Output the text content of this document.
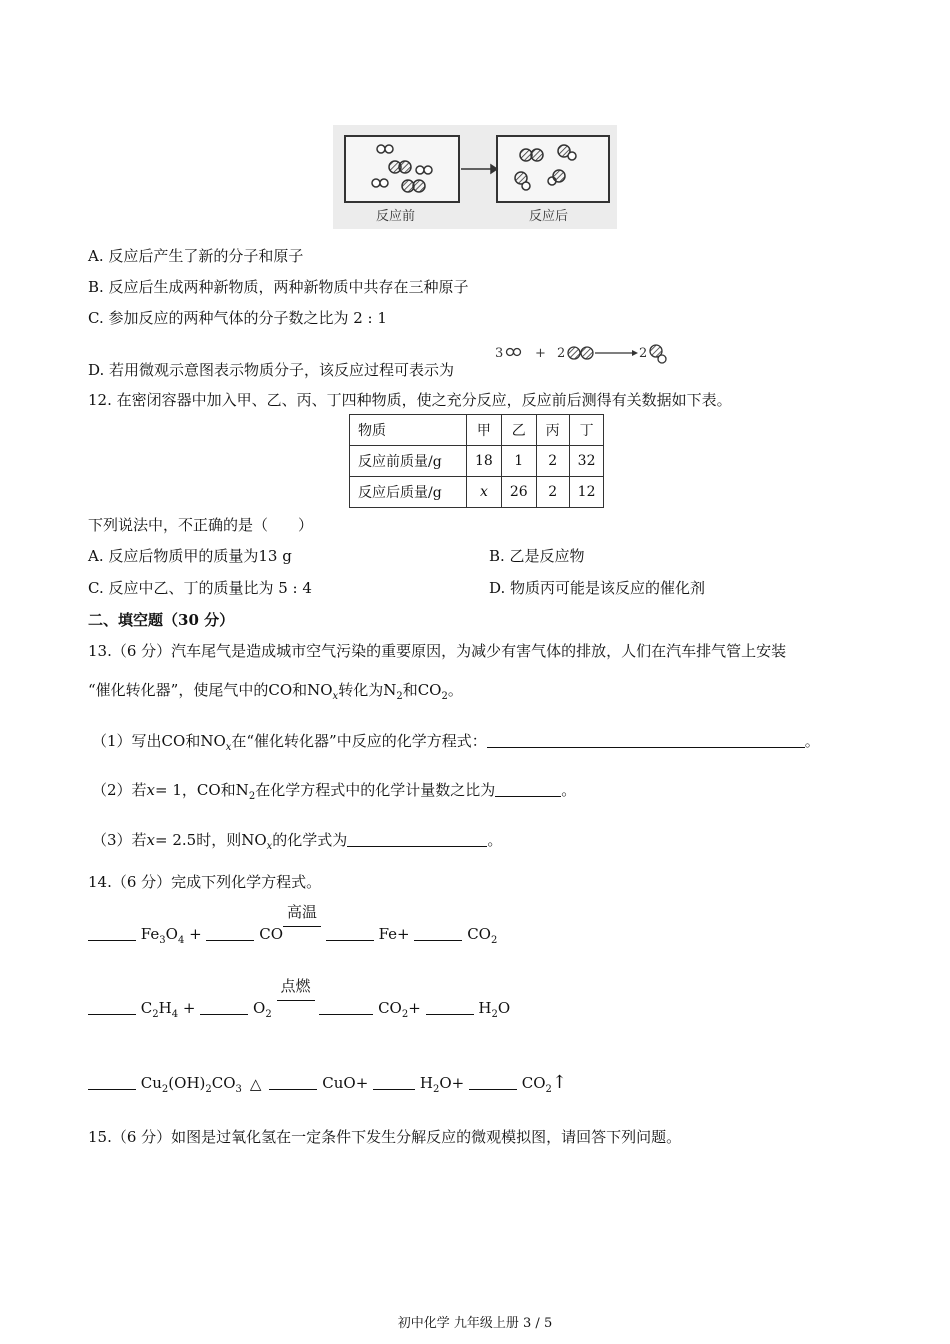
反应前	反应后
A. 反应后产生了新的分子和原子
B. 反应后生成两种新物质，两种新物质中共存在三种原子
C. 参加反应的两种气体的分子数之比为 2 : 1
D. 若用微观示意图表示物质分子，该反应过程可表示为
3 + 2	2
12. 在密闭容器中加入甲、乙、丙、丁四种物质，使之充分反应，反应前后测得有关数据如下表。
物质	甲	乙	丙	丁
反应前质量/g	18	1	2	32
反应后质量/g	x	26	2	12
下列说法中，不正确的是（　　）
A. 反应后物质甲的质量为13 g	B. 乙是反应物
C. 反应中乙、丁的质量比为 5 : 4	D. 物质丙可能是该反应的催化剂
二、填空题（30 分）
13.（6 分）汽车尾气是造成城市空气污染的重要原因，为减少有害气体的排放，人们在汽车排气管上安装
“催化转化器”，使尾气中的CO和$NO_x$转化为$N_2$和$CO_2$。
（1）写出CO和$NO_x$在“催化转化器”中反应的化学方程式：	。
（2）若x= 1，CO和$N_2$在化学方程式中的化学计量数之比为	。
（3）若x= 2.5时，则$NO_x$的化学式为	。
14.（6 分）完成下列化学方程式。
$Fe_3O_4$ +	CO
高温
Fe+	$CO_2$
$C_2H_4$ +	$O_2$
点燃
$CO_2+$	$H_2O$
$Cu_2(OH)_2CO_3$ △	CuO+	$H_2O+$	$CO_2↑$
15.（6 分）如图是过氧化氢在一定条件下发生分解反应的微观模拟图，请回答下列问题。
初中化学 九年级上册 3 / 5
